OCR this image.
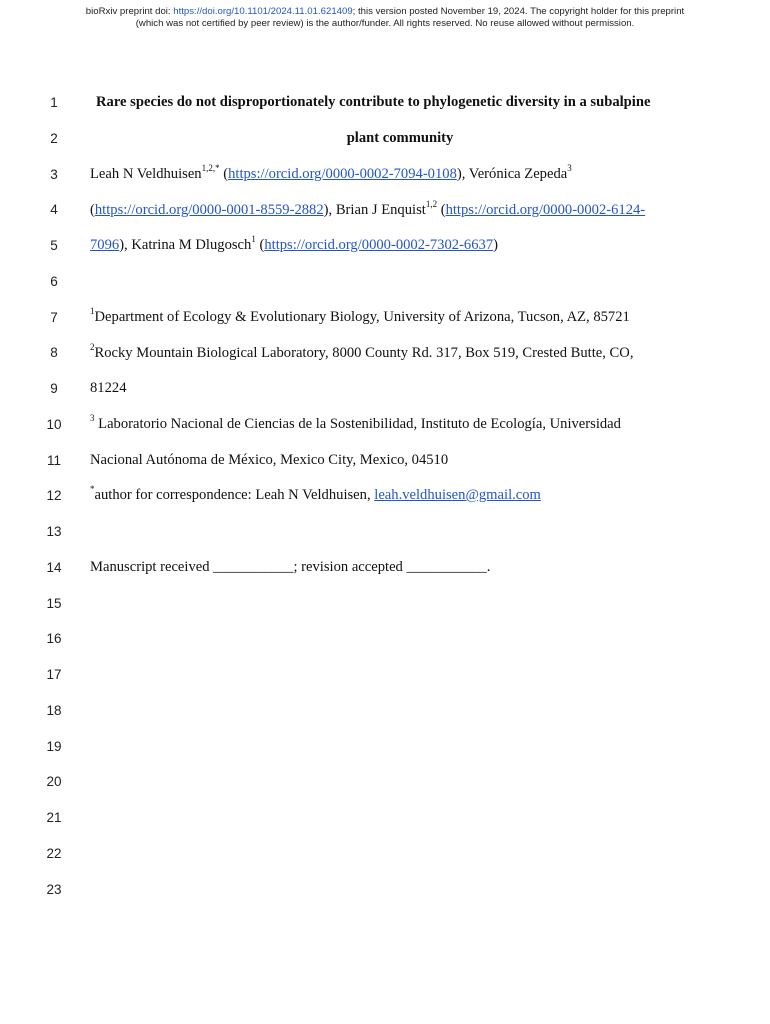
bioRxiv preprint doi: https://doi.org/10.1101/2024.11.01.621409; this version posted November 19, 2024. The copyright holder for this preprint
(which was not certified by peer review) is the author/funder. All rights reserved. No reuse allowed without permission.
1
2
3
4
5
6
7
8
9
10
11
12
13
14
15
16
17
18
19
20
21
22
23
Rare species do not disproportionately contribute to phylogenetic diversity in a subalpine
plant community
Leah N Veldhuisen$^{1,2,*}$ (https://orcid.org/0000-0002-7094-0108), Verónica Zepeda$^3$
(https://orcid.org/0000-0001-8559-2882), Brian J Enquist$^{1,2}$ (https://orcid.org/0000-0002-6124-
7096), Katrina M Dlugosch$^1$ (https://orcid.org/0000-0002-7302-6637)
$^1$Department of Ecology & Evolutionary Biology, University of Arizona, Tucson, AZ, 85721
$^2$Rocky Mountain Biological Laboratory, 8000 County Rd. 317, Box 519, Crested Butte, CO,
81224
$^3$ Laboratorio Nacional de Ciencias de la Sostenibilidad, Instituto de Ecología, Universidad
Nacional Autónoma de México, Mexico City, Mexico, 04510
*author for correspondence: Leah N Veldhuisen, leah.veldhuisen@gmail.com
Manuscript received ___________; revision accepted ___________.
